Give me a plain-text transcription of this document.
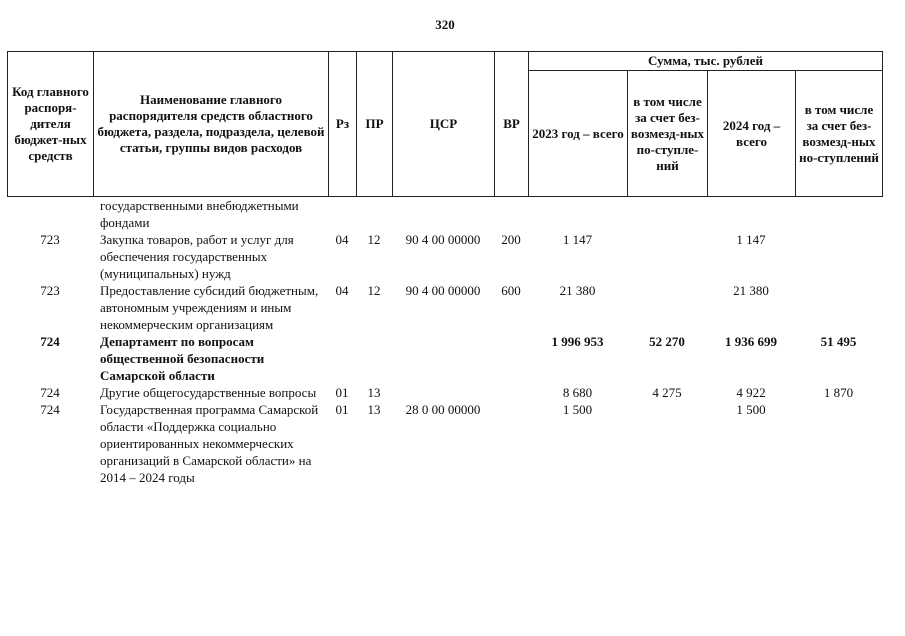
320
Код главного распоря-дителя бюджет-ных средств	Наименование главного распорядителя средств областного бюджета, раздела, подраздела, целевой статьи, группы видов расходов	Рз	ПР	ЦСР	ВР	Сумма, тыс. рублей			
						2023 год – всего	в том числе за счет без-возмезд-ных по-ступле-ний	2024 год – всего	в том числе за счет без-возмезд-ных но-ступлений
	государственными внебюджетными фондами								
723	Закупка товаров, работ и услуг для обеспечения государственных (муниципальных) нужд	04	12	90 4 00 00000	200	1 147		1 147	
723	Предоставление субсидий бюджетным, автономным учреждениям и иным некоммерческим организациям	04	12	90 4 00 00000	600	21 380		21 380	
724	Департамент по вопросам общественной безопасности Самарской области					1 996 953	52 270	1 936 699	51 495
724	Другие общегосударственные вопросы	01	13			8 680	4 275	4 922	1 870
724	Государственная программа Самарской области «Поддержка социально ориентированных некоммерческих организаций в Самарской области» на 2014 – 2024 годы	01	13	28 0 00 00000		1 500		1 500	
